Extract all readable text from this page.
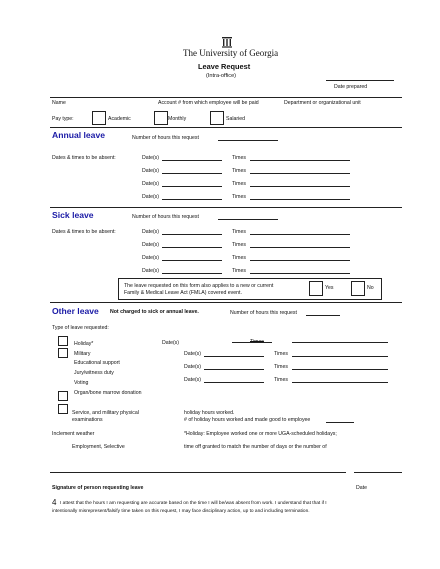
The University of Georgia
Leave Request
(Intra-office)
Date prepared
Name	Account # from which employee will be paid	Department or organizational unit
Pay type:	Academic	Monthly	Salaried
Annual leave	Number of hours this request
Dates & times to be absent:	Date(s)	Times
Date(s)	Times
Date(s)	Times
Date(s)	Times
Sick leave	Number of hours this request
Dates & times to be absent:	Date(s)	Times
Date(s)	Times
Date(s)	Times
Date(s)	Times
The leave requested on this form also applies to a new or current
Family & Medical Leave Act (FMLA) covered event.
Yes	No
Other leave Not charged to sick or annual leave.	Number of hours this request
Type of leave requested:
Holiday*
Military
Educational support
Jury/witness duty
Voting
Organ/bone marrow donation
Service, and military physical
examinations
Inclement weather
Employment, Selective
Date(s)	Times
Date(s)	Times
Date(s)	Times
Date(s)	Times
holiday hours worked.
# of holiday hours worked and made good to employee
*Holiday: Employee worked one or more UGA-scheduled holidays;
time off granted to match the number of days or the number of
Signature of person requesting leave	Date
4 I attest that the hours I am requesting are accurate based on the time I will be/was absent from work. I understand that that if I
intentionally misrepresent/falsify time taken on this request, I may face disciplinary action, up to and including termination.
